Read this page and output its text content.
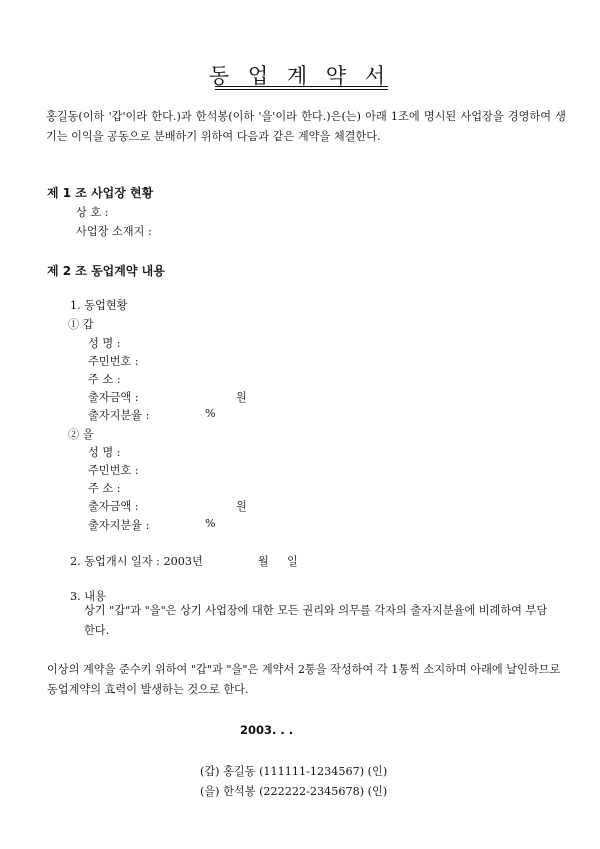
동 업 계 약 서
홍길동(이하 '갑'이라 한다.)과 한석봉(이하 '을'이라 한다.)은(는) 아래 1조에 명시된 사업장을 경영하여 생기는 이익을 공동으로 분배하기 위하여 다음과 같은 계약을 체결한다.
제 1 조 사업장 현황
상 호 :
사업장 소재지 :
제 2 조 동업계약 내용
1. 동업현황
① 갑
성 명 :
주민번호 :
주 소 :
출자금액 :	원
출자지분율 :	%
② 을
성 명 :
주민번호 :
주 소 :
출자금액 :	원
출자지분율 :	%
2. 동업개시 일자 : 2003년	월 일
3. 내용
상기 "갑"과 "을"은 상기 사업장에 대한 모든 권리와 의무를 각자의 출자지분율에 비례하여 부담한다.
이상의 계약을 준수키 위하여 "갑"과 "을"은 계약서 2통을 작성하여 각 1통씩 소지하며 아래에 날인하므로 동업계약의 효력이 발생하는 것으로 한다.
2003. . .
(갑) 홍길동 (111111-1234567) (인)
(을) 한석봉 (222222-2345678) (인)
